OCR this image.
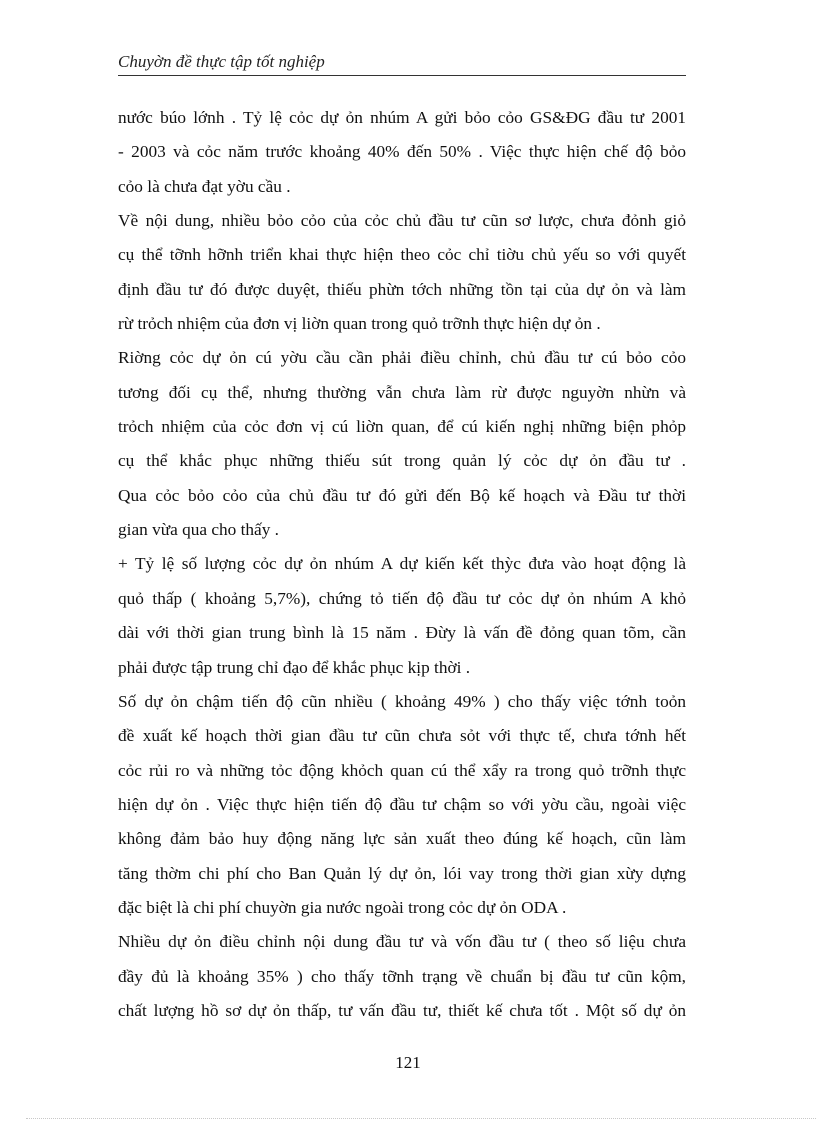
Chuyờn đề thực tập tốt nghiệp
nước búo lớnh . Tỷ lệ cỏc dự ỏn nhúm A gửi bỏo cỏo GS&ĐG đầu tư 2001
- 2003 và cỏc năm trước khoảng 40% đến 50% . Việc thực hiện chế độ bỏo
cỏo là chưa đạt yờu cầu .
Về nội dung, nhiều bỏo cỏo của cỏc chủ đầu tư cũn sơ lược, chưa đỏnh giỏ
cụ thể tỡnh hỡnh triển khai thực hiện theo cỏc chỉ tiờu chủ yếu so với quyết
định đầu tư đó được duyệt, thiếu phừn tớch những tồn tại của dự ỏn và làm
rừ trỏch nhiệm của đơn vị liờn quan trong quỏ trỡnh thực hiện dự ỏn .
Riờng cỏc dự ỏn cú yờu cầu cần phải điều chỉnh, chủ đầu tư cú bỏo cỏo
tương đối cụ thể, nhưng thường vẫn chưa làm rừ được nguyờn nhừn và
trỏch nhiệm của cỏc đơn vị cú liờn quan, để cú kiến nghị những biện phỏp
cụ thể khắc phục những thiếu sút trong quản lý cỏc dự ỏn đầu tư .
Qua cỏc bỏo cỏo của chủ đầu tư đó gửi đến Bộ kế hoạch và Đầu tư thời
gian vừa qua cho thấy .
+ Tỷ lệ số lượng cỏc dự ỏn nhúm A dự kiến kết thỳc đưa vào hoạt động là
quỏ thấp ( khoảng 5,7%), chứng tỏ tiến độ đầu tư cỏc dự ỏn nhúm A khỏ
dài với thời gian trung bình là 15 năm . Đừy là vấn đề đỏng quan tõm, cần
phải được tập trung chỉ đạo để khắc phục kịp thời .
Số dự ỏn chậm tiến độ cũn nhiều ( khoảng 49% ) cho thấy việc tớnh toỏn
đề xuất kế hoạch thời gian đầu tư cũn chưa sỏt với thực tế, chưa tớnh hết
cỏc rủi ro và những tỏc động khỏch quan cú thể xẩy ra trong quỏ trỡnh thực
hiện dự ỏn . Việc thực hiện tiến độ đầu tư chậm so với yờu cầu, ngoài việc
không đảm bảo huy động năng lực sản xuất theo đúng kế hoạch, cũn làm
tăng thờm chi phí cho Ban Quản lý dự ỏn, lói vay trong thời gian xừy dựng
đặc biệt là chi phí chuyờn gia nước ngoài trong cỏc dự ỏn ODA .
Nhiều dự ỏn điều chỉnh nội dung đầu tư và vốn đầu tư ( theo số liệu chưa
đầy đủ là khoảng 35% ) cho thấy tỡnh trạng về chuẩn bị đầu tư cũn kộm,
chất lượng hồ sơ dự ỏn thấp, tư vấn đầu tư, thiết kế chưa tốt . Một số dự ỏn
121
